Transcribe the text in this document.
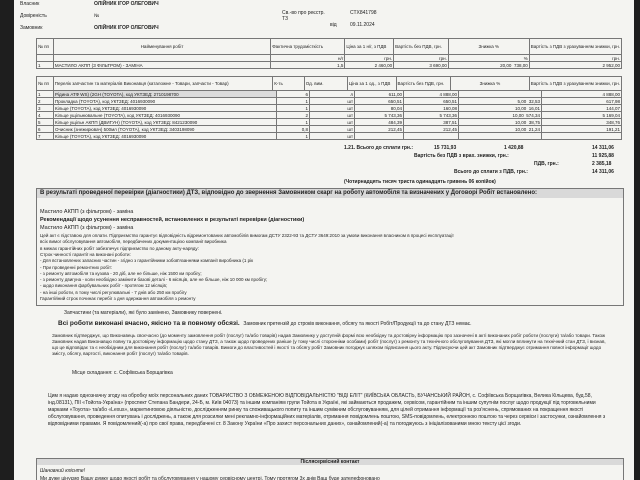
Власник	ОЛІЙНИК ІГОР ОЛЕГОВИЧ
Довіреність	№	Св.-во про реєстр. ТЗ
СТХ841798
від	09.11.2024
Замовник	ОЛІЙНИК ІГОР ОЛЕГОВИЧ
№ пп	Найменування робіт	Фактична трудомісткість	Ціна за 1 н/г, з ПДВ	Вартість без ПДВ, грн.	Знижка %	Вартість з ПДВ з урахуванням знижки, грн.
		н/г	грн.	грн.	%	грн.
1	МАСТИЛО АКПП (З ФІЛЬТРОМ) - ЗАМІНА	1,5	2 460,00	3 690,00	20,00 738,00	2 952,00
№ пп	Перелік запчастин та матеріалів Виконавця (каталожне - Товари, запчасти - Товар)	К-ть	Од. вим.	Ціна за 1 од., з ПДВ	Вартість без ПДВ, грн.	Знижка %	Вартість з ПДВ з урахуванням знижки, грн.
1	Рідина АТФ WS) (2GH (TOYOTA), код УКТЗЕД: 2710198700	6	л	611,00	4 888,00		4 888,00
2	Прокладка (TOYOTA), код УКТЗЕД: 4016930090	1	шт	650,51	650,51	5,00 32,53	617,98
3	Кільце (TOYOTA), код УКТЗЕД: 4016930090	1	шт	80,04	160,08	10,00 16,01	144,07
4	Кільце ущільнювальне (TOYOTA), код УКТЗЕД: 4016930090	2	шт	5 743,36	5 743,36	10,00 574,34	5 169,04
5	Кільце ущільн АКПП (ДВИГУН) (TOYOTA), код УКТЗЕД: 8421230090	1	шт	484,39	387,51	10,00 38,75	348,76
6	Очисник (знежирювач) 500мл (TOYOTA), код УКТЗЕД: 3403198090	0,8	шт	212,45	212,45	10,00 21,24	191,21
7	Кільце (TOYOTA), код УКТЗЕД: 4016930090	1	шт				
1.21. Всього до сплати грн.:	15 731,93	1 420,88	14 311,06
Вартість без ПДВ з врах. знижки, грн.:	11 925,88
ПДВ, грн.:	2 385,18
Всього до сплати з ПДВ, грн.:	14 311,06
(Чотирнадцять тисяч триста одинадцять гривень 06 копійок)
В результаті проведеної перевірки (діагностики) ДТЗ, відповідно до звернення Замовником скарг на роботу автомобіля та визначених у Договорі Робіт встановлено:
Мастило АКПП (з фільтром) - заміна
Рекомендації щодо усунення несправностей, встановлених в результаті перевірки (діагностики)
Мастило АКПП (з фільтром) - заміна
Цей акт є підставою для оплати. Підприємство гарантує відповідність відремонтованих автомобілів вимогам ДСТУ 2322-93 та ДСТУ 3649:2010 за умови виконання власником в процесі експлуатації
всіх вимог обслуговування автомобіля, передбачених документацією компанії виробника
в межах гарантійних робіт забезпечує підприємство по даному акту-наряду:
Строк чинності гарантії на виконані роботи:
- Для встановлених запасних частин - згідно з гарантійними зобов'язаннями компанії виробника (1 рік
- При проведенні ремонтних робіт:
- з ремонту автомобіля та кузова - 20 діб, але не більше, ніж 1500 км пробігу;
- з ремонту двигуна - коли необхідно замінити базові деталі - 6 місяців, але не більше, ніж 10 000 км пробігу;
- щодо виконання фарбувальних робіт - протягом 12 місяців;
- на інші роботи, в тому числі регулювальні - 7 днів або 250 км пробігу
Гарантійний строк починає перебіг з дня одержання автомобіля з ремонту
Запчастини (та матеріали), які було замінено, Замовнику повернені.
Всі роботи виконані вчасно, якісно та в повному обсязі. Замовник претензій до строків виконання, обсягу та якості Робіт/Продукції та до стану ДТЗ немає.
Замовник підтверджує, що Виконавець своєчасно (до моменту замовлення робіт (послуг) та/або товарів) надав Замовнику у доступній формі всю необхідну та достовірну інформацію про зазначені в акті виконаних робіт роботи (послуги) та/або товари. Також Замовник надав Виконавцю повну та достовірну інформацію щодо стану ДТЗ, а також щодо проведених раніше (у тому числі сторонніми особами) робіт (послуг) з ремонту та технічного обслуговування ДТЗ, які могли вплинути на технічний стан ДТЗ, і визнав, що це відповідає та є необхідним для виконання робіт (послуг) та/або товарів. Вимоги до властивостей і якості та обсягу робіт Замовник погоджує шляхом підписання цього акту. Підписуючи цей акт Замовник підтверджує отримання повної інформації щодо змісту, обсягу, вартості, виконання робіт (послуг) та/або товарів.
Місце складання: с. Софіївська Борщагівка
Цим я надаю однозначну згоду на обробку моїх персональних даних ТОВАРИСТВО З ОБМЕЖЕНОЮ ВІДПОВІДАЛЬНІСТЮ "ВІДІ ЕЛІТ" (КИЇВСЬКА ОБЛАСТЬ, БУЧАНСЬКИЙ РАЙОН, с. Софіївська Борщагівка, Велика Кільцева, буд.58, інд.08131), ПІІ «Тойота-Україна» (проспект Степана Бандери, 24-Б, м. Київ 04073) та іншим компаніям групи Тойота в Україні, які займаються продажем, сервісом, гарантійним та іншим супутнім послуг щодо продукції під торговельними марками «Тоуота» та/або «Lexus», маркетинговою діяльністю, дослідженням ринку та споживацького попиту та іншим суміжним обслуговуванням, для цілей отримання інформації та роз'яснень, спрямованих на покращення якості обслуговування, проведення опитувань і досліджень, а також для розсилки мені рекламно-інформаційних матеріалів, отримання повідомлень поштою, SMS-повідомлень, електронною поштою та через сервіси і застосунки, ознайомлення з відповідними правами. Я повідомлений(-а) про свої права, передбачені ст. 8 Закону України «Про захист персональних даних», ознайомлений(-а) та погоджуюсь з ініціалізованими мною тексту цієї згоди.
Післясервісний контакт
Шановний клієнте!
Ми дуже цінуємо Вашу думку щодо якості робіт та обслуговування у нашому сервісному центрі. Тому протягом 3х днів Ваш буде зателефоновано
